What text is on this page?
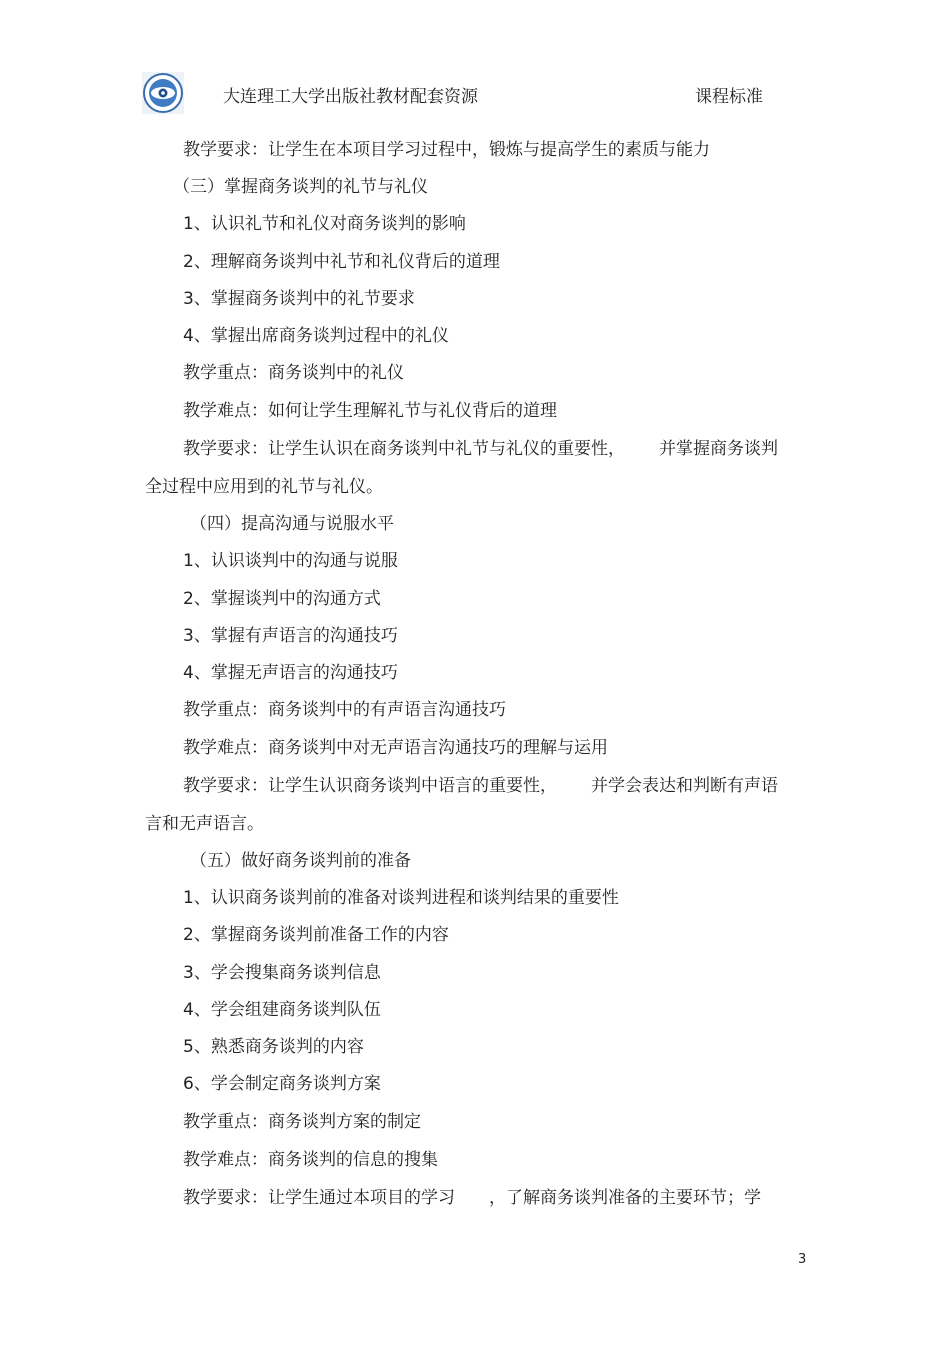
大连理工大学出版社教材配套资源	课程标准
教学要求：让学生在本项目学习过程中，锻炼与提高学生的素质与能力
（三）掌握商务谈判的礼节与礼仪
1、认识礼节和礼仪对商务谈判的影响
2、理解商务谈判中礼节和礼仪背后的道理
3、掌握商务谈判中的礼节要求
4、掌握出席商务谈判过程中的礼仪
教学重点：商务谈判中的礼仪
教学难点：如何让学生理解礼节与礼仪背后的道理
教学要求：让学生认识在商务谈判中礼节与礼仪的重要性， 并掌握商务谈判
全过程中应用到的礼节与礼仪。
（四）提高沟通与说服水平
1、认识谈判中的沟通与说服
2、掌握谈判中的沟通方式
3、掌握有声语言的沟通技巧
4、掌握无声语言的沟通技巧
教学重点：商务谈判中的有声语言沟通技巧
教学难点：商务谈判中对无声语言沟通技巧的理解与运用
教学要求：让学生认识商务谈判中语言的重要性， 并学会表达和判断有声语
言和无声语言。
（五）做好商务谈判前的准备
1、认识商务谈判前的准备对谈判进程和谈判结果的重要性
2、掌握商务谈判前准备工作的内容
3、学会搜集商务谈判信息
4、学会组建商务谈判队伍
5、熟悉商务谈判的内容
6、学会制定商务谈判方案
教学重点：商务谈判方案的制定
教学难点：商务谈判的信息的搜集
教学要求：让学生通过本项目的学习 ，了解商务谈判准备的主要环节；学
3
